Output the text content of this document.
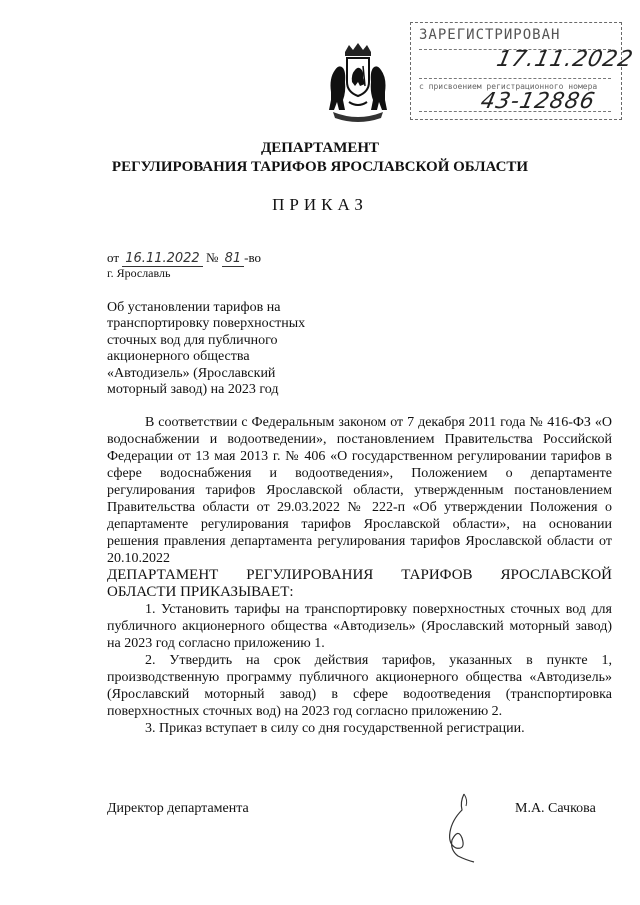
ЗАРЕГИСТРИРОВАН
17.11.2022
с присвоением регистрационного номера
43-12886
ДЕПАРТАМЕНТ
РЕГУЛИРОВАНИЯ ТАРИФОВ ЯРОСЛАВСКОЙ ОБЛАСТИ
ПРИКАЗ
от 16.11.2022 № 81 -во
г. Ярославль
Об установлении тарифов на
транспортировку поверхностных
сточных вод для публичного
акционерного общества
«Автодизель» (Ярославский
моторный завод) на 2023 год

В соответствии с Федеральным законом от 7 декабря 2011 года № 416-ФЗ «О водоснабжении и водоотведении», постановлением Правительства Российской Федерации от 13 мая 2013 г. № 406 «О государственном регулировании тарифов в сфере водоснабжения и водоотведения», Положением о департаменте регулирования тарифов Ярославской области, утвержденным постановлением Правительства области от 29.03.2022 № 222-п «Об утверждении Положения о департаменте регулирования тарифов Ярославской области», на основании решения правления департамента регулирования тарифов Ярославской области от 20.10.2022

ДЕПАРТАМЕНТ РЕГУЛИРОВАНИЯ ТАРИФОВ ЯРОСЛАВСКОЙ ОБЛАСТИ ПРИКАЗЫВАЕТ:

1. Установить тарифы на транспортировку поверхностных сточных вод для публичного акционерного общества «Автодизель» (Ярославский моторный завод) на 2023 год согласно приложению 1.

2. Утвердить на срок действия тарифов, указанных в пункте 1, производственную программу публичного акционерного общества «Автодизель» (Ярославский моторный завод) в сфере водоотведения (транспортировка поверхностных сточных вод) на 2023 год согласно приложению 2.

3. Приказ вступает в силу со дня государственной регистрации.

Директор департамента	М.А. Сачкова
